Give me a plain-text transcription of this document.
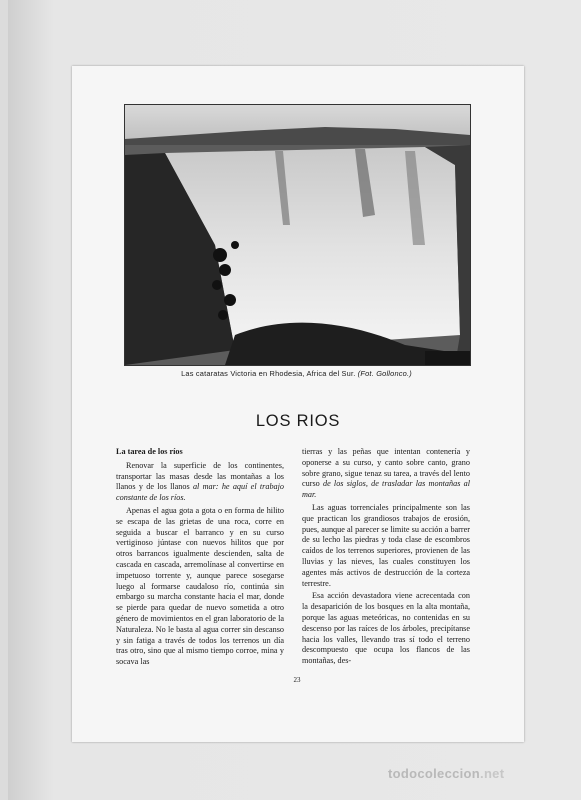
Las cataratas Victoria en Rhodesia, Africa del Sur. (Fot. Gollonco.)
LOS RIOS
La tarea de los ríos

Renovar la superficie de los continentes, transportar las masas desde las montañas a los llanos y de los llanos al mar: he aquí el trabajo constante de los ríos.

Apenas el agua gota a gota o en forma de hilito se escapa de las grietas de una roca, corre en seguida a buscar el barranco y en su curso vertiginoso júntase con nuevos hilitos que por otros barrancos igualmente descienden, salta de cascada en cascada, arremolínase al convertirse en impetuoso torrente y, aunque parece sosegarse luego al formarse caudaloso río, continúa sin embargo su marcha constante hacia el mar, donde se pierde para quedar de nuevo sometida a otro género de movimientos en el gran laboratorio de la Naturaleza. No le basta al agua correr sin descanso y sin fatiga a través de todos los terrenos un día tras otro, sino que al mismo tiempo corroe, mina y socava las

tierras y las peñas que intentan contenería y oponerse a su curso, y canto sobre canto, grano sobre grano, sigue tenaz su tarea, a través del lento curso de los siglos, de trasladar las montañas al mar.

Las aguas torrenciales principalmente son las que practican los grandiosos trabajos de erosión, pues, aunque al parecer se limite su acción a barrer de su lecho las piedras y toda clase de escombros caídos de los terrenos superiores, provienen de las lluvias y las nieves, las cuales constituyen los agentes más activos de destrucción de la corteza terrestre.

Esa acción devastadora viene acrecentada con la desaparición de los bosques en la alta montaña, porque las aguas meteóricas, no contenidas en su descenso por las raíces de los árboles, precipítanse hacia los valles, llevando tras sí todo el terreno descompuesto que ocupa los flancos de las montañas, des-

23
todocoleccion.net
